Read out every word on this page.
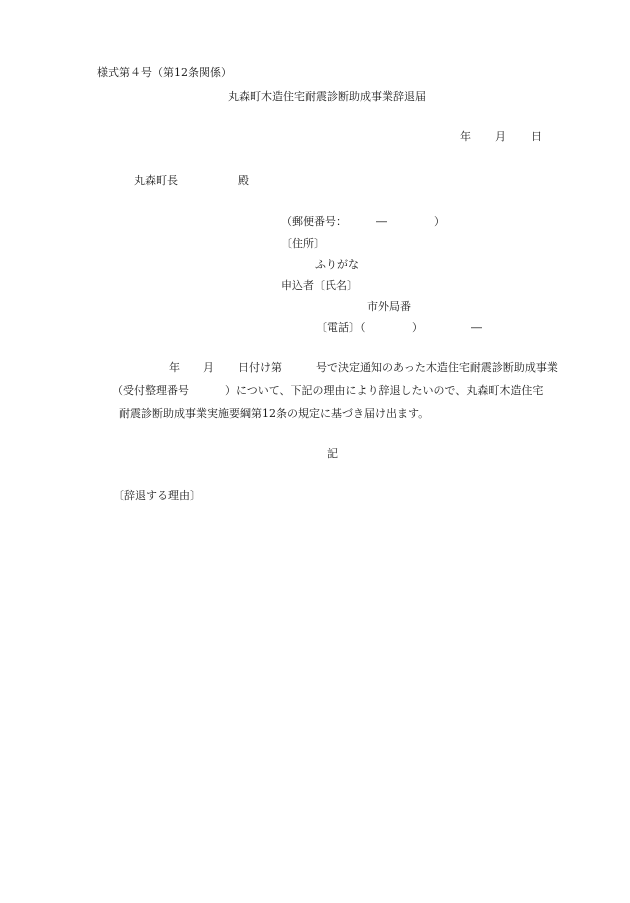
様式第４号（第12条関係）
丸森町木造住宅耐震診断助成事業辞退届
年 月 日
丸森町長	殿
（郵便番号：	―	）
〔住所〕
ふりがな
申込者〔氏名〕
市外局番
〔電話〕（	）	―
年 月 日付け第	号で決定通知のあった木造住宅耐震診断助成事業
（受付整理番号	）について、下記の理由により辞退したいので、丸森町木造住宅
耐震診断助成事業実施要綱第12条の規定に基づき届け出ます。
記
〔辞退する理由〕
